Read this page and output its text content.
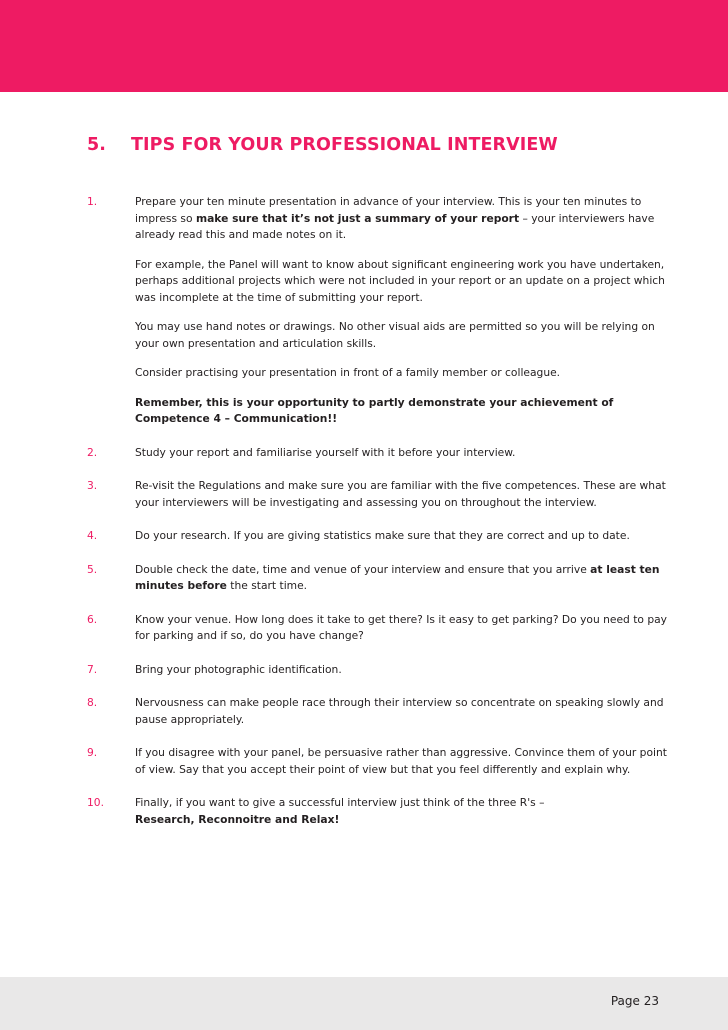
5.	TIPS FOR YOUR PROFESSIONAL INTERVIEW
1.	Prepare your ten minute presentation in advance of your interview. This is your ten minutes to impress so make sure that it’s not just a summary of your report – your interviewers have already read this and made notes on it.

For example, the Panel will want to know about significant engineering work you have undertaken, perhaps additional projects which were not included in your report or an update on a project which was incomplete at the time of submitting your report.

You may use hand notes or drawings. No other visual aids are permitted so you will be relying on your own presentation and articulation skills.

Consider practising your presentation in front of a family member or colleague.

Remember, this is your opportunity to partly demonstrate your achievement of Competence 4 – Communication!!

2.	Study your report and familiarise yourself with it before your interview.

3.	Re-visit the Regulations and make sure you are familiar with the five competences. These are what your interviewers will be investigating and assessing you on throughout the interview.

4.	Do your research. If you are giving statistics make sure that they are correct and up to date.

5.	Double check the date, time and venue of your interview and ensure that you arrive at least ten minutes before the start time.

6.	Know your venue. How long does it take to get there? Is it easy to get parking? Do you need to pay for parking and if so, do you have change?

7.	Bring your photographic identification.

8.	Nervousness can make people race through their interview so concentrate on speaking slowly and pause appropriately.

9.	If you disagree with your panel, be persuasive rather than aggressive. Convince them of your point of view. Say that you accept their point of view but that you feel differently and explain why.

10.	Finally, if you want to give a successful interview just think of the three R's –
Research, Reconnoitre and Relax!

Page 23
